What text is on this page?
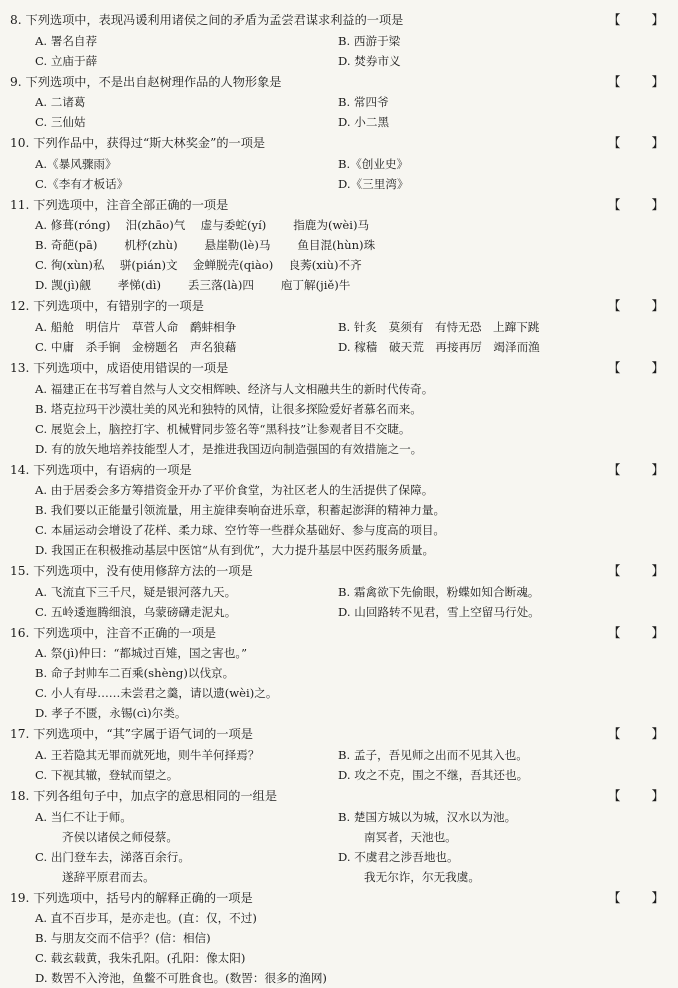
8. 下列选项中，表现冯谖利用诸侯之间的矛盾为孟尝君谋求利益的一项是	【 】
A. 署名自荐	B. 西游于梁
C. 立庙于薛	D. 焚券市义
9. 下列选项中，不是出自赵树理作品的人物形象是	【 】
A. 二诸葛	B. 常四爷
C. 三仙姑	D. 小二黑
10. 下列作品中，获得过“斯大林奖金”的一项是	【 】
A.《暴风骤雨》	B.《创业史》
C.《李有才板话》	D.《三里湾》
11. 下列选项中，注音全部正确的一项是	【 】
A. 修葺(róng)　 汨(zhāo)气　 虚与委蛇(yí)　　 指鹿为(wèi)马
B. 奇葩(pā)　　 机杼(zhù)　　 悬崖勒(lè)马　　 鱼目混(hùn)珠
C. 徇(xùn)私　 骈(pián)文　 金蝉脱壳(qiào)　 良莠(xiù)不齐
D. 觊(jì)觎　　 孝悌(dì)　　 丢三落(là)四　　 庖丁解(jiě)牛
12. 下列选项中，有错别字的一项是	【 】
A. 船舱　明信片　草菅人命　鹬蚌相争	B. 针炙　莫须有　有恃无恐　上蹿下跳
C. 中庸　杀手锏　金榜题名　声名狼藉	D. 稼穑　破天荒　再接再厉　竭泽而渔
13. 下列选项中，成语使用错误的一项是	【 】
A. 福建正在书写着自然与人文交相辉映、经济与人文相融共生的新时代传奇。
B. 塔克拉玛干沙漠壮美的风光和独特的风情，让很多探险爱好者慕名而来。
C. 展览会上，脑控打字、机械臂同步签名等“黑科技”让参观者目不交睫。
D. 有的放矢地培养技能型人才，是推进我国迈向制造强国的有效措施之一。
14. 下列选项中，有语病的一项是	【 】
A. 由于居委会多方筹措资金开办了平价食堂，为社区老人的生活提供了保障。
B. 我们要以正能量引领流量，用主旋律奏响奋进乐章，积蓄起澎湃的精神力量。
C. 本届运动会增设了花样、柔力球、空竹等一些群众基础好、参与度高的项目。
D. 我国正在积极推动基层中医馆“从有到优”，大力提升基层中医药服务质量。
15. 下列选项中，没有使用修辞方法的一项是	【 】
A. 飞流直下三千尺，疑是银河落九天。	B. 霜禽欲下先偷眼，粉蝶如知合断魂。
C. 五岭逶迤腾细浪，乌蒙磅礴走泥丸。	D. 山回路转不见君，雪上空留马行处。
16. 下列选项中，注音不正确的一项是	【 】
A. 祭(jì)仲曰：“都城过百雉，国之害也。”
B. 命子封帅车二百乘(shèng)以伐京。
C. 小人有母……未尝君之羹，请以遗(wèi)之。
D. 孝子不匮，永锡(cì)尔类。
17. 下列选项中，“其”字属于语气词的一项是	【 】
A. 王若隐其无罪而就死地，则牛羊何择焉？	B. 孟子，吾见师之出而不见其入也。
C. 下视其辙，登轼而望之。	D. 攻之不克，围之不继，吾其还也。
18. 下列各组句子中，加点字的意思相同的一组是	【 】
A. 当仁不让于师。	B. 楚国方城以为城，汉水以为池。
齐侯以诸侯之师侵蔡。	南冥者，天池也。
C. 出门登车去，涕落百余行。	D. 不虞君之涉吾地也。
遂辞平原君而去。	我无尔诈，尔无我虞。
19. 下列选项中，括号内的解释正确的一项是	【 】
A. 直不百步耳，是亦走也。(直：仅，不过)
B. 与朋友交而不信乎？(信：相信)
C. 载玄载黄，我朱孔阳。(孔阳：像太阳)
D. 数罟不入洿池，鱼鳖不可胜食也。(数罟：很多的渔网)
